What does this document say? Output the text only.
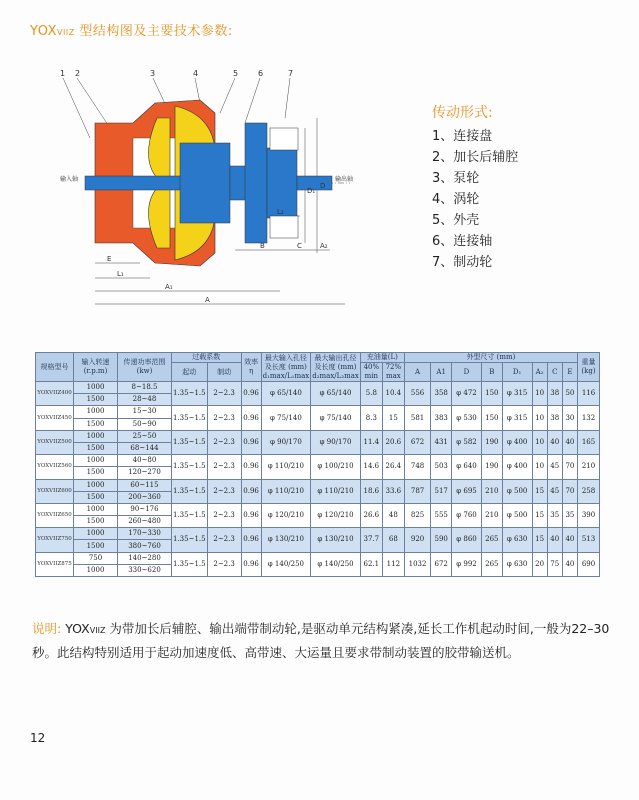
YOXVIIZ 型结构图及主要技术参数:
1 2	3	4	5 6	7
输入轴	输出轴
D
D₁
L₂
B	A₂
C
E
L₁
A₁
A
传动形式:
1、连接盘
2、加长后辅腔
3、泵轮
4、涡轮
5、外壳
6、连接轴
7、制动轮
规格型号	输入转速 (r.p.m)	传递功率范围 (kw)	过载系数		效率 η	最大输入孔径及长度 (mm) d₁max/L₁max	最大输出孔径及长度 (mm) d₂max/L₂max	充油量(L)		外型尺寸 (mm)								重量 (kg)
								40% min	72% max	A	A1	D	B	D₁	A₂	C	E	
			起动	制动														
YOXVIIZ400	1000	8~18.5	1.35~1.5	2~2.3	0.96	φ 65/140	φ 65/140	5.8	10.4	556	358	φ 472	150	φ 315	10	38	50	116
	1500	28~48																
YOXVIIZ450	1000	15~30	1.35~1.5	2~2.3	0.96	φ 75/140	φ 75/140	8.3	15	581	383	φ 530	150	φ 315	10	38	30	132
	1500	50~90																
YOXVIIZ500	1000	25~50	1.35~1.5	2~2.3	0.96	φ 90/170	φ 90/170	11.4	20.6	672	431	φ 582	190	φ 400	10	40	40	165
	1500	68~144																
YOXVIIZ560	1000	40~80	1.35~1.5	2~2.3	0.96	φ 110/210	φ 100/210	14.6	26.4	748	503	φ 640	190	φ 400	10	45	70	210
	1500	120~270																
YOXVIIZ600	1000	60~115	1.35~1.5	2~2.3	0.96	φ 110/210	φ 110/210	18.6	33.6	787	517	φ 695	210	φ 500	15	45	70	258
	1500	200~360																
YOXVIIZ650	1000	90~176	1.35~1.5	2~2.3	0.96	φ 120/210	φ 120/210	26.6	48	825	555	φ 760	210	φ 500	15	35	35	390
	1500	260~480																
YOXVIIZ750	1000	170~330	1.35~1.5	2~2.3	0.96	φ 130/210	φ 130/210	37.7	68	920	590	φ 860	265	φ 630	15	40	40	513
	1500	380~760																
YOXVIIZ875	750	140~280	1.35~1.5	2~2.3	0.96	φ 140/250	φ 140/250	62.1	112	1032	672	φ 992	265	φ 630	20	75	40	690
	1000	330~620																
说明: YOXVIIZ 为带加长后辅腔、输出端带制动轮,是驱动单元结构紧凑,延长工作机起动时间,一般为22–30秒。此结构特别适用于起动加速度低、高带速、大运量且要求带制动装置的胶带输送机。
12
